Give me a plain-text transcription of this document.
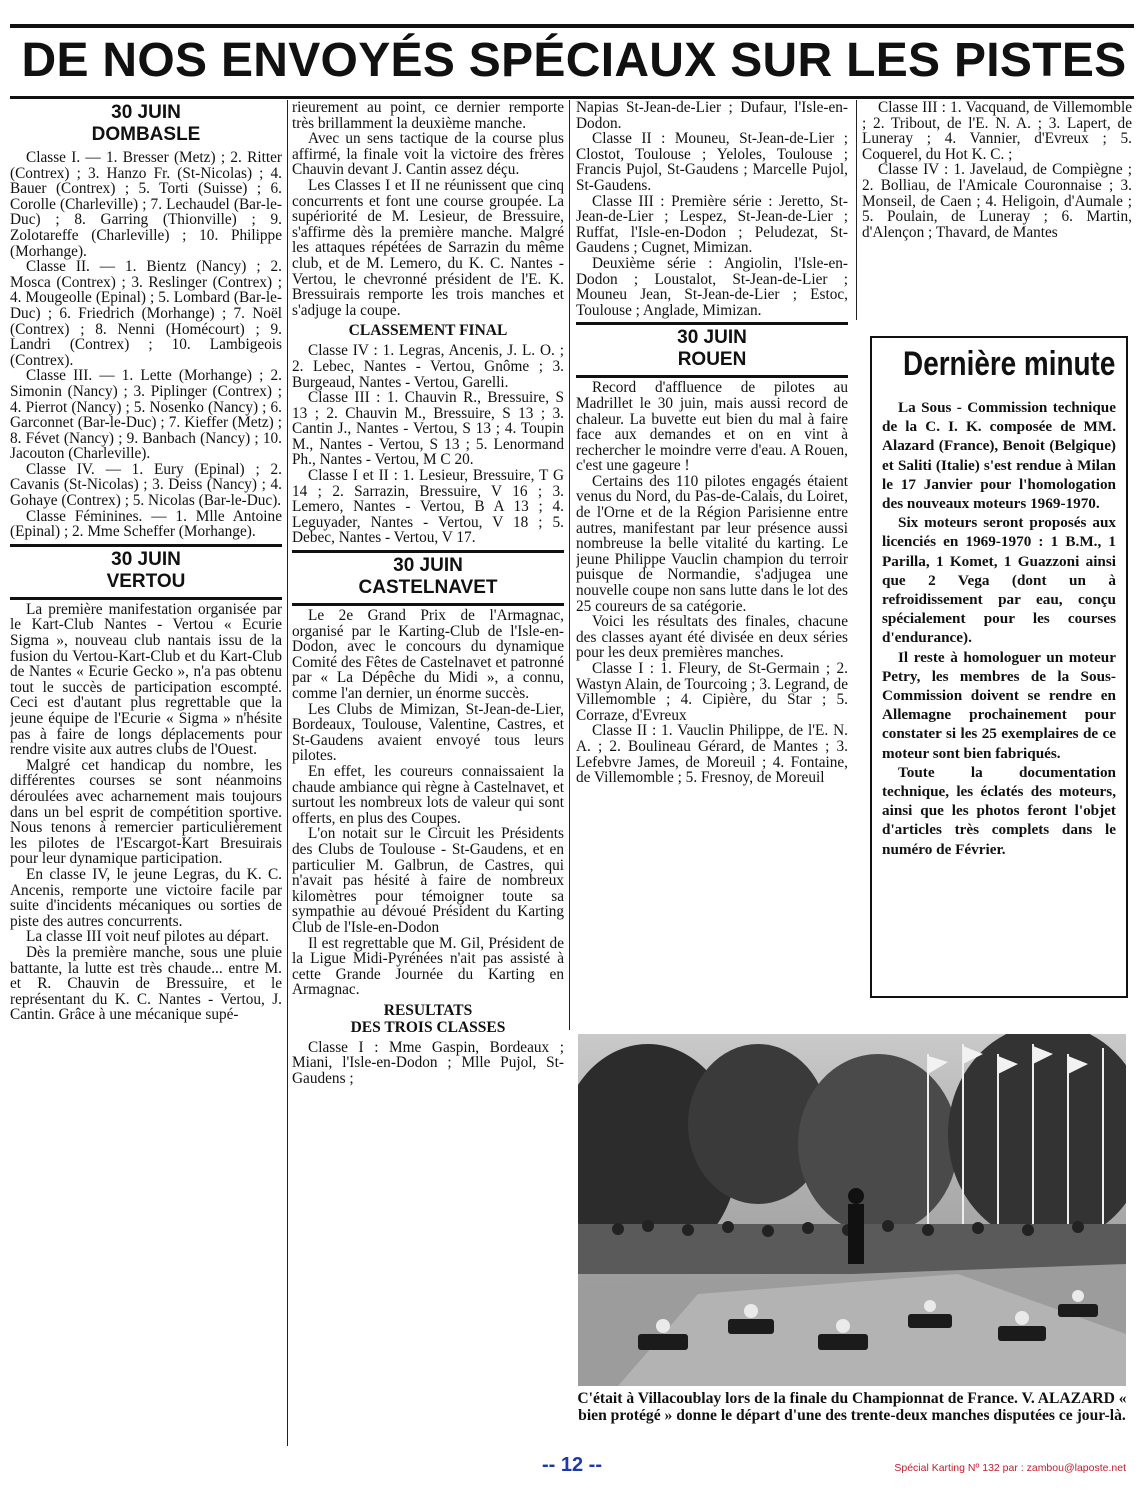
DE NOS ENVOYÉS SPÉCIAUX SUR LES PISTES
30 JUIN
DOMBASLE

Classe I. — 1. Bresser (Metz) ; 2. Ritter (Contrex) ; 3. Hanzo Fr. (St-Nicolas) ; 4. Bauer (Contrex) ; 5. Torti (Suisse) ; 6. Corolle (Charleville) ; 7. Lechaudel (Bar-le-Duc) ; 8. Garring (Thionville) ; 9. Zolotareffe (Charleville) ; 10. Philippe (Morhange).

Classe II. — 1. Bientz (Nancy) ; 2. Mosca (Contrex) ; 3. Reslinger (Contrex) ; 4. Mougeolle (Epinal) ; 5. Lombard (Bar-le-Duc) ; 6. Friedrich (Morhange) ; 7. Noël (Contrex) ; 8. Nenni (Homécourt) ; 9. Landri (Contrex) ; 10. Lambigeois (Contrex).

Classe III. — 1. Lette (Morhange) ; 2. Simonin (Nancy) ; 3. Piplinger (Contrex) ; 4. Pierrot (Nancy) ; 5. Nosenko (Nancy) ; 6. Garconnet (Bar-le-Duc) ; 7. Kieffer (Metz) ; 8. Févet (Nancy) ; 9. Banbach (Nancy) ; 10. Jacouton (Charleville).

Classe IV. — 1. Eury (Epinal) ; 2. Cavanis (St-Nicolas) ; 3. Deiss (Nancy) ; 4. Gohaye (Contrex) ; 5. Nicolas (Bar-le-Duc).

Classe Féminines. — 1. Mlle Antoine (Epinal) ; 2. Mme Scheffer (Morhange).

30 JUIN
VERTOU

La première manifestation organisée par le Kart-Club Nantes - Vertou « Ecurie Sigma », nouveau club nantais issu de la fusion du Vertou-Kart-Club et du Kart-Club de Nantes « Ecurie Gecko », n'a pas obtenu tout le succès de participation escompté. Ceci est d'autant plus regrettable que la jeune équipe de l'Ecurie « Sigma » n'hésite pas à faire de longs déplacements pour rendre visite aux autres clubs de l'Ouest.

Malgré cet handicap du nombre, les différentes courses se sont néanmoins déroulées avec acharnement mais toujours dans un bel esprit de compétition sportive. Nous tenons à remercier particulièrement les pilotes de l'Escargot-Kart Bresuirais pour leur dynamique participation.

En classe IV, le jeune Legras, du K. C. Ancenis, remporte une victoire facile par suite d'incidents mécaniques ou sorties de piste des autres concurrents.

La classe III voit neuf pilotes au départ.

Dès la première manche, sous une pluie battante, la lutte est très chaude... entre M. et R. Chauvin de Bressuire, et le représentant du K. C. Nantes - Vertou, J. Cantin. Grâce à une mécanique supé-

rieurement au point, ce dernier remporte très brillamment la deuxième manche.

Avec un sens tactique de la course plus affirmé, la finale voit la victoire des frères Chauvin devant J. Cantin assez déçu.

Les Classes I et II ne réunissent que cinq concurrents et font une course groupée. La supériorité de M. Lesieur, de Bressuire, s'affirme dès la première manche. Malgré les attaques répétées de Sarrazin du même club, et de M. Lemero, du K. C. Nantes - Vertou, le chevronné président de l'E. K. Bressuirais remporte les trois manches et s'adjuge la coupe.

CLASSEMENT FINAL

Classe IV : 1. Legras, Ancenis, J. L. O. ; 2. Lebec, Nantes - Vertou, Gnôme ; 3. Burgeaud, Nantes - Vertou, Garelli.

Classe III : 1. Chauvin R., Bressuire, S 13 ; 2. Chauvin M., Bressuire, S 13 ; 3. Cantin J., Nantes - Vertou, S 13 ; 4. Toupin M., Nantes - Vertou, S 13 ; 5. Lenormand Ph., Nantes - Vertou, M C 20.

Classe I et II : 1. Lesieur, Bressuire, T G 14 ; 2. Sarrazin, Bressuire, V 16 ; 3. Lemero, Nantes - Vertou, B A 13 ; 4. Leguyader, Nantes - Vertou, V 18 ; 5. Debec, Nantes - Vertou, V 17.

30 JUIN
CASTELNAVET

Le 2e Grand Prix de l'Armagnac, organisé par le Karting-Club de l'Isle-en-Dodon, avec le concours du dynamique Comité des Fêtes de Castelnavet et patronné par « La Dépêche du Midi », a connu, comme l'an dernier, un énorme succès.

Les Clubs de Mimizan, St-Jean-de-Lier, Bordeaux, Toulouse, Valentine, Castres, et St-Gaudens avaient envoyé tous leurs pilotes.

En effet, les coureurs connaissaient la chaude ambiance qui règne à Castelnavet, et surtout les nombreux lots de valeur qui sont offerts, en plus des Coupes.

L'on notait sur le Circuit les Présidents des Clubs de Toulouse - St-Gaudens, et en particulier M. Galbrun, de Castres, qui n'avait pas hésité à faire de nombreux kilomètres pour témoigner toute sa sympathie au dévoué Président du Karting Club de l'Isle-en-Dodon

Il est regrettable que M. Gil, Président de la Ligue Midi-Pyrénées n'ait pas assisté à cette Grande Journée du Karting en Armagnac.

RESULTATS
DES TROIS CLASSES

Classe I : Mme Gaspin, Bordeaux ; Miani, l'Isle-en-Dodon ; Mlle Pujol, St-Gaudens ;

Napias St-Jean-de-Lier ; Dufaur, l'Isle-en-Dodon.

Classe II : Mouneu, St-Jean-de-Lier ; Clostot, Toulouse ; Yeloles, Toulouse ; Francis Pujol, St-Gaudens ; Marcelle Pujol, St-Gaudens.

Classe III : Première série : Jeretto, St-Jean-de-Lier ; Lespez, St-Jean-de-Lier ; Ruffat, l'Isle-en-Dodon ; Peludezat, St-Gaudens ; Cugnet, Mimizan.

Deuxième série : Angiolin, l'Isle-en-Dodon ; Loustalot, St-Jean-de-Lier ; Mouneu Jean, St-Jean-de-Lier ; Estoc, Toulouse ; Anglade, Mimizan.

30 JUIN
ROUEN

Record d'affluence de pilotes au Madrillet le 30 juin, mais aussi record de chaleur. La buvette eut bien du mal à faire face aux demandes et on en vint à rechercher le moindre verre d'eau. A Rouen, c'est une gageure !

Certains des 110 pilotes engagés étaient venus du Nord, du Pas-de-Calais, du Loiret, de l'Orne et de la Région Parisienne entre autres, manifestant par leur présence aussi nombreuse la belle vitalité du karting. Le jeune Philippe Vauclin champion du terroir puisque de Normandie, s'adjugea une nouvelle coupe non sans lutte dans le lot des 25 coureurs de sa catégorie.

Voici les résultats des finales, chacune des classes ayant été divisée en deux séries pour les deux premières manches.

Classe I : 1. Fleury, de St-Germain ; 2. Wastyn Alain, de Tourcoing ; 3. Legrand, de Villemomble ; 4. Cipière, du Star ; 5. Corraze, d'Evreux

Classe II : 1. Vauclin Philippe, de l'E. N. A. ; 2. Boulineau Gérard, de Mantes ; 3. Lefebvre James, de Moreuil ; 4. Fontaine, de Villemomble ; 5. Fresnoy, de Moreuil

Classe III : 1. Vacquand, de Villemomble ; 2. Tribout, de l'E. N. A. ; 3. Lapert, de Luneray ; 4. Vannier, d'Evreux ; 5. Coquerel, du Hot K. C. ;

Classe IV : 1. Javelaud, de Compiègne ; 2. Bolliau, de l'Amicale Couronnaise ; 3. Monseil, de Caen ; 4. Heligoin, d'Aumale ; 5. Poulain, de Luneray ; 6. Martin, d'Alençon ; Thavard, de Mantes

Dernière minute

La Sous - Commission technique de la C. I. K. composée de MM. Alazard (France), Benoit (Belgique) et Saliti (Italie) s'est rendue à Milan le 17 Janvier pour l'homologation des nouveaux moteurs 1969-1970.

Six moteurs seront proposés aux licenciés en 1969-1970 : 1 B.M., 1 Parilla, 1 Komet, 1 Guazzoni ainsi que 2 Vega (dont un à refroidissement par eau, conçu spécialement pour les courses d'endurance).

Il reste à homologuer un moteur Petry, les membres de la Sous-Commission doivent se rendre en Allemagne prochainement pour constater si les 25 exemplaires de ce moteur sont bien fabriqués.

Toute la documentation technique, les éclatés des moteurs, ainsi que les photos feront l'objet d'articles très complets dans le numéro de Février.

C'était à Villacoublay lors de la finale du Championnat de France. V. ALAZARD « bien protégé » donne le départ d'une des trente-deux manches disputées ce jour-là.
-- 12 --	Spécial Karting Nº 132 par : zambou@laposte.net
